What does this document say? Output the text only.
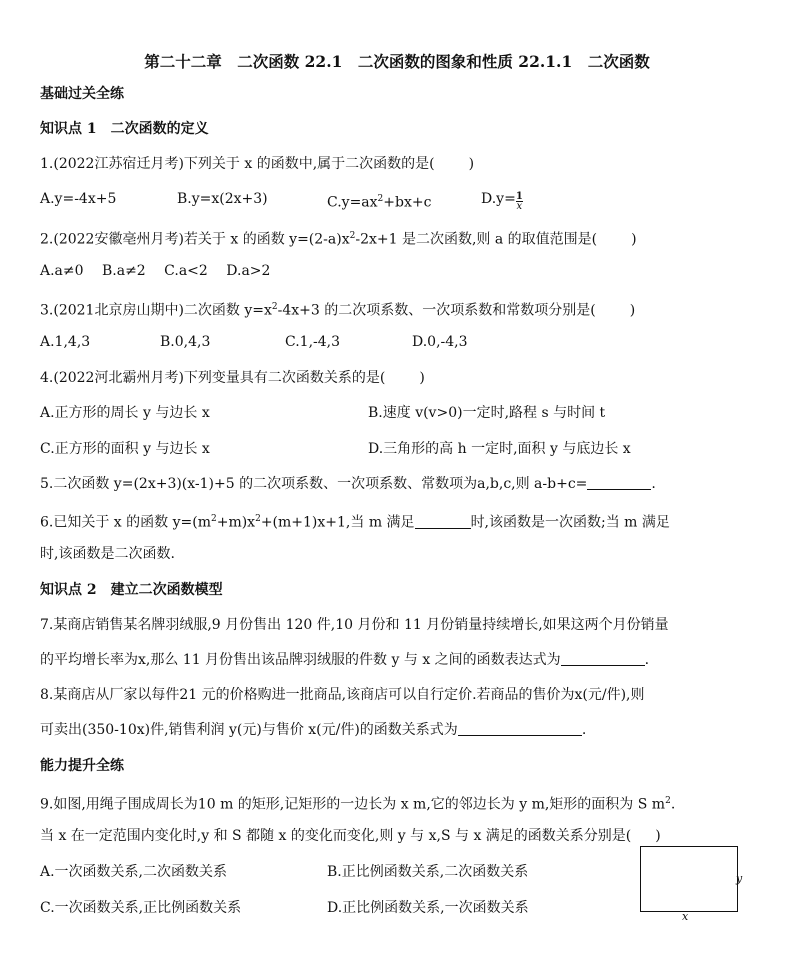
第二十二章　二次函数 22.1　二次函数的图象和性质 22.1.1　二次函数
基础过关全练
知识点 1　二次函数的定义
1.(2022江苏宿迁月考)下列关于 x 的函数中,属于二次函数的是( )
A.y=-4x+5	B.y=x(2x+3)	$C.y=ax^2+bx+c$	$D.y= \frac{1}{x}$
2.(2022安徽亳州月考)若关于 x 的函数 $y=(2-a)x^2-2x+1$ 是二次函数,则 a 的取值范围是( )
A.a≠0　 B.a≠2　 C.a<2　 D.a>2
3.(2021北京房山期中)二次函数 $y=x^2-4x+3$ 的二次项系数、一次项系数和常数项分别是( )
A.1,4,3	B.0,4,3	C.1,-4,3	D.0,-4,3
4.(2022河北霸州月考)下列变量具有二次函数关系的是( )
A.正方形的周长 y 与边长 x	B.速度 v(v>0)一定时,路程 s 与时间 t
C.正方形的面积 y 与边长 x	D.三角形的高 h 一定时,面积 y 与底边长 x
5.二次函数 y=(2x+3)(x-1)+5 的二次项系数、一次项系数、常数项为a,b,c,则 a-b+c=	.
6.已知关于 x 的函数 $y=(m^2+m)x^2+(m+1)x+1$,当 m 满足	时,该函数是一次函数;当 m 满足
时,该函数是二次函数.
知识点 2　建立二次函数模型
7.某商店销售某名牌羽绒服,9 月份售出 120 件,10 月份和 11 月份销量持续增长,如果这两个月份销量
的平均增长率为x,那么 11 月份售出该品牌羽绒服的件数 y 与 x 之间的函数表达式为	.
8.某商店从厂家以每件21 元的价格购进一批商品,该商店可以自行定价.若商品的售价为x(元/件),则
可卖出(350-10x)件,销售利润 y(元)与售价 x(元/件)的函数关系式为	.
能力提升全练
9.如图,用绳子围成周长为10 m 的矩形,记矩形的一边长为 x m,它的邻边长为 y m,矩形的面积为 S $m^2$.
当 x 在一定范围内变化时,y 和 S 都随 x 的变化而变化,则 y 与 x,S 与 x 满足的函数关系分别是( )
A.一次函数关系,二次函数关系	B.正比例函数关系,二次函数关系
C.一次函数关系,正比例函数关系	D.正比例函数关系,一次函数关系
y
x
